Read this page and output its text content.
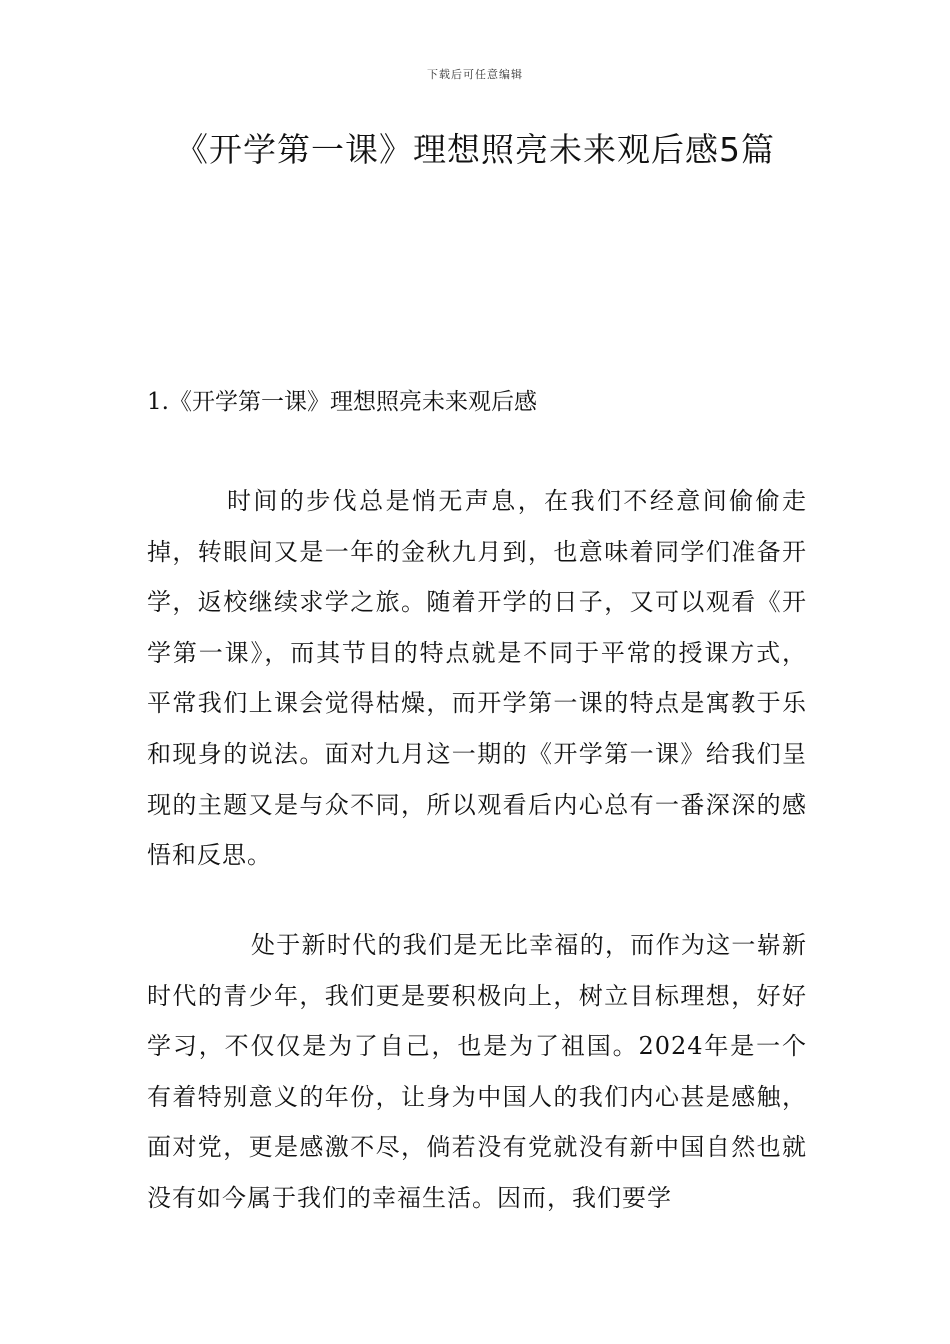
下载后可任意编辑
《开学第一课》理想照亮未来观后感5篇
1.《开学第一课》理想照亮未来观后感

时间的步伐总是悄无声息，在我们不经意间偷偷走掉，转眼间又是一年的金秋九月到，也意味着同学们准备开学，返校继续求学之旅。随着开学的日子，又可以观看《开学第一课》，而其节目的特点就是不同于平常的授课方式，平常我们上课会觉得枯燥，而开学第一课的特点是寓教于乐和现身的说法。面对九月这一期的《开学第一课》给我们呈现的主题又是与众不同，所以观看后内心总有一番深深的感悟和反思。

处于新时代的我们是无比幸福的，而作为这一崭新时代的青少年，我们更是要积极向上，树立目标理想，好好学习，不仅仅是为了自己，也是为了祖国。2024年是一个有着特别意义的年份，让身为中国人的我们内心甚是感触，面对党，更是感激不尽，倘若没有党就没有新中国自然也就没有如今属于我们的幸福生活。因而，我们要学
